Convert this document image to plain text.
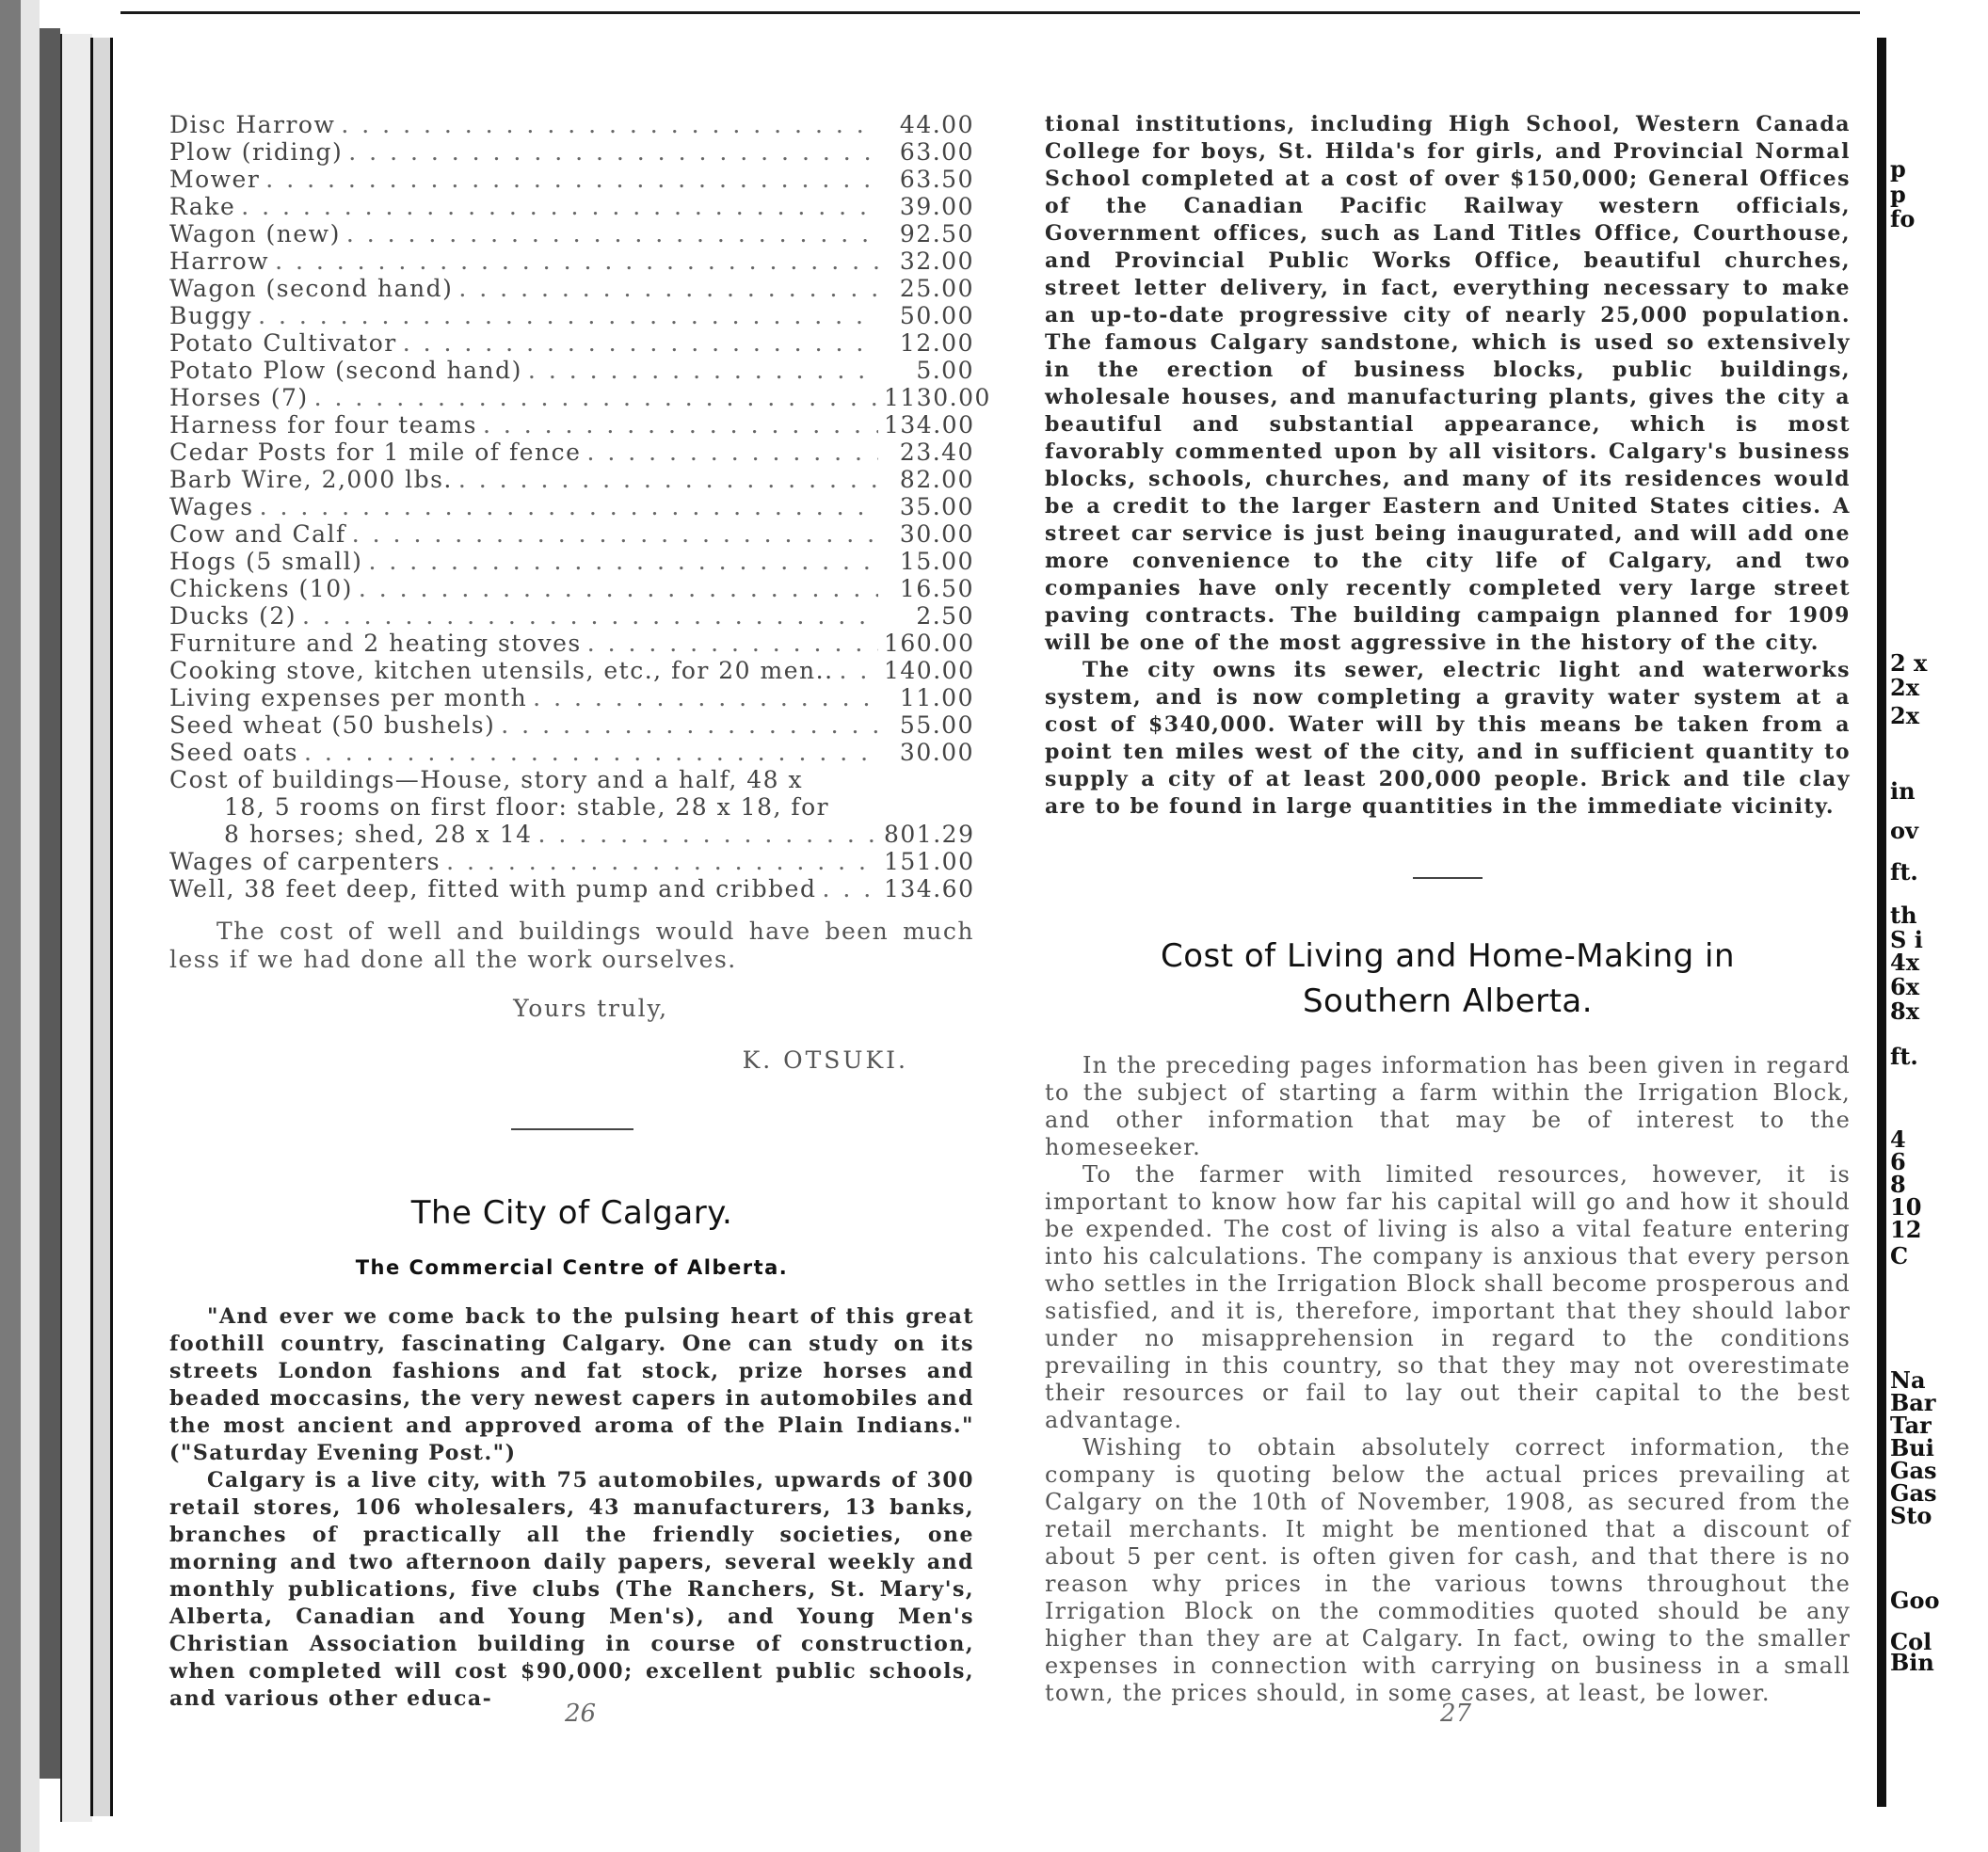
Disc Harrow . . .	44.00
Plow (riding) . . .	63.00
Mower . . .	63.50
Rake . . .	39.00
Wagon (new) . . .	92.50
Harrow . . .	32.00
Wagon (second hand) . . .	25.00
Buggy . . .	50.00
Potato Cultivator . . .	12.00
Potato Plow (second hand) . . .	5.00
Horses (7) . . .	1130.00
Harness for four teams . . .	134.00
Cedar Posts for 1 mile of fence . . .	23.40
Barb Wire, 2,000 lbs. . . .	82.00
Wages . . .	35.00
Cow and Calf . . .	30.00
Hogs (5 small) . . .	15.00
Chickens (10) . . .	16.50
Ducks (2) . . .	2.50
Furniture and 2 heating stoves . . .	160.00
Cooking stove, kitchen utensils, etc., for 20 men.. . . . 140.00
Living expenses per month . . .	11.00
Seed wheat (50 bushels) . . .	55.00
Seed oats . . .	30.00
Cost of buildings—House, story and a half, 48 x
18, 5 rooms on first floor: stable, 28 x 18, for
8 horses; shed, 28 x 14 . . .	801.29
Wages of carpenters . . .	151.00
Well, 38 feet deep, fitted with pump and cribbed . . .	134.60
The cost of well and buildings would have been much less if we had done all the work ourselves.
Yours truly,
K. OTSUKI.
The City of Calgary.
The Commercial Centre of Alberta.

"And ever we come back to the pulsing heart of this great foothill country, fascinating Calgary. One can study on its streets London fashions and fat stock, prize horses and beaded moccasins, the very newest capers in automobiles and the most ancient and approved aroma of the Plain Indians." ("Saturday Evening Post.")

Calgary is a live city, with 75 automobiles, upwards of 300 retail stores, 106 wholesalers, 43 manufacturers, 13 banks, branches of practically all the friendly societies, one morning and two afternoon daily papers, several weekly and monthly publications, five clubs (The Ranchers, St. Mary's, Alberta, Canadian and Young Men's), and Young Men's Christian Association building in course of construction, when completed will cost $90,000; excellent public schools, and various other educa-

26

tional institutions, including High School, Western Canada College for boys, St. Hilda's for girls, and Provincial Normal School completed at a cost of over $150,000; General Offices of the Canadian Pacific Railway western officials, Government offices, such as Land Titles Office, Courthouse, and Provincial Public Works Office, beautiful churches, street letter delivery, in fact, everything necessary to make an up-to-date progressive city of nearly 25,000 population. The famous Calgary sandstone, which is used so extensively in the erection of business blocks, public buildings, wholesale houses, and manufacturing plants, gives the city a beautiful and substantial appearance, which is most favorably commented upon by all visitors. Calgary's business blocks, schools, churches, and many of its residences would be a credit to the larger Eastern and United States cities. A street car service is just being inaugurated, and will add one more convenience to the city life of Calgary, and two companies have only recently completed very large street paving contracts. The building campaign planned for 1909 will be one of the most aggressive in the history of the city.

The city owns its sewer, electric light and waterworks system, and is now completing a gravity water system at a cost of $340,000. Water will by this means be taken from a point ten miles west of the city, and in sufficient quantity to supply a city of at least 200,000 people. Brick and tile clay are to be found in large quantities in the immediate vicinity.

Cost of Living and Home-Making in
Southern Alberta.

In the preceding pages information has been given in regard to the subject of starting a farm within the Irrigation Block, and other information that may be of interest to the homeseeker.

To the farmer with limited resources, however, it is important to know how far his capital will go and how it should be expended. The cost of living is also a vital feature entering into his calculations. The company is anxious that every person who settles in the Irrigation Block shall become prosperous and satisfied, and it is, therefore, important that they should labor under no misapprehension in regard to the conditions prevailing in this country, so that they may not overestimate their resources or fail to lay out their capital to the best advantage.

Wishing to obtain absolutely correct information, the company is quoting below the actual prices prevailing at Calgary on the 10th of November, 1908, as secured from the retail merchants. It might be mentioned that a discount of about 5 per cent. is often given for cash, and that there is no reason why prices in the various towns throughout the Irrigation Block on the commodities quoted should be any higher than they are at Calgary. In fact, owing to the smaller expenses in connection with carrying on business in a small town, the prices should, in some cases, at least, be lower.

27
p
p
fo
2 x
2x
2x
in
ov
ft.
th
S i
4x
6x
8x
ft.
4
6
8
10
12
C
Na
Bar
Tar
Bui
Gas
Gas
Sto
Goo
Col
Bin
